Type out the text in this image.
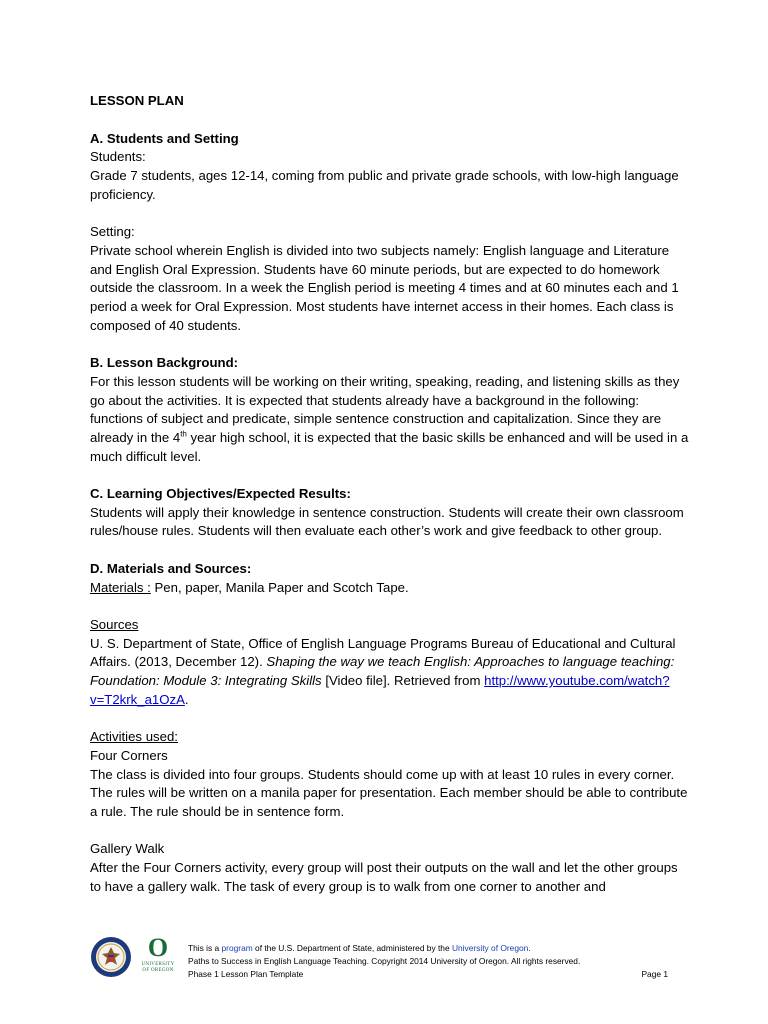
LESSON PLAN

A. Students and Setting

Students:

Grade 7 students, ages 12-14, coming from public and private grade schools, with low-high language proficiency.

Setting:

Private school wherein English is divided into two subjects namely: English language and Literature and English Oral Expression. Students have 60 minute periods, but are expected to do homework outside the classroom. In a week the English period is meeting 4 times and at 60 minutes each and 1 period a week for Oral Expression. Most students have internet access in their homes. Each class is composed of 40 students.

B. Lesson Background:

For this lesson students will be working on their writing, speaking, reading, and listening skills as they go about the activities. It is expected that students already have a background in the following: functions of subject and predicate, simple sentence construction and capitalization. Since they are already in the 4th year high school, it is expected that the basic skills be enhanced and will be used in a much difficult level.

C. Learning Objectives/Expected Results:

Students will apply their knowledge in sentence construction. Students will create their own classroom rules/house rules. Students will then evaluate each other’s work and give feedback to other group.

D. Materials and Sources:

Materials : Pen, paper, Manila Paper and Scotch Tape.

Sources

U. S. Department of State, Office of English Language Programs Bureau of Educational and Cultural Affairs. (2013, December 12). Shaping the way we teach English: Approaches to language teaching: Foundation: Module 3: Integrating Skills [Video file]. Retrieved from http://www.youtube.com/watch?v=T2krk_a1OzA.

Activities used:

Four Corners

The class is divided into four groups. Students should come up with at least 10 rules in every corner. The rules will be written on a manila paper for presentation. Each member should be able to contribute a rule. The rule should be in sentence form.

Gallery Walk

After the Four Corners activity, every group will post their outputs on the wall and let the other groups to have a gallery walk. The task of every group is to walk from one corner to another and

O
UNIVERSITY
OF OREGON
This is a program of the U.S. Department of State, administered by the University of Oregon.
Paths to Success in English Language Teaching. Copyright 2014 University of Oregon. All rights reserved.
Phase 1 Lesson Plan Template	Page 1
